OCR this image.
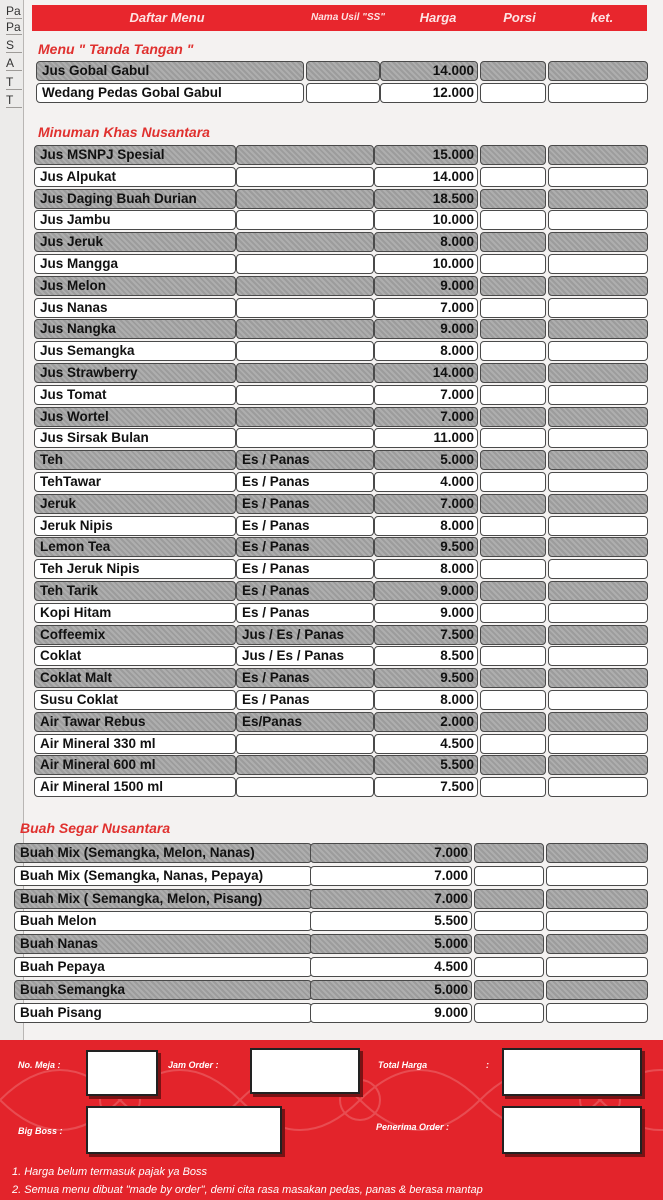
Pa
Pa
S
A
T
T
Daftar Menu	Nama Usil "SS"	Harga	Porsi	ket.
Menu " Tanda Tangan "
Jus Gobal Gabul	14.000
Wedang Pedas Gobal Gabul	12.000
Minuman Khas Nusantara
Jus MSNPJ Spesial	15.000
Jus Alpukat	14.000
Jus Daging Buah Durian	18.500
Jus Jambu	10.000
Jus Jeruk	8.000
Jus Mangga	10.000
Jus Melon	9.000
Jus Nanas	7.000
Jus Nangka	9.000
Jus Semangka	8.000
Jus Strawberry	14.000
Jus Tomat	7.000
Jus Wortel	7.000
Jus Sirsak Bulan	11.000
Teh	Es / Panas	5.000
TehTawar	Es / Panas	4.000
Jeruk	Es / Panas	7.000
Jeruk Nipis	Es / Panas	8.000
Lemon Tea	Es / Panas	9.500
Teh Jeruk Nipis	Es / Panas	8.000
Teh Tarik	Es / Panas	9.000
Kopi Hitam	Es / Panas	9.000
Coffeemix	Jus / Es / Panas	7.500
Coklat	Jus / Es / Panas	8.500
Coklat Malt	Es / Panas	9.500
Susu Coklat	Es / Panas	8.000
Air Tawar Rebus	Es/Panas	2.000
Air Mineral 330 ml	4.500
Air Mineral 600 ml	5.500
Air Mineral 1500 ml	7.500
Buah Segar Nusantara
Buah Mix (Semangka, Melon, Nanas)	7.000
Buah Mix (Semangka, Nanas, Pepaya)	7.000
Buah Mix ( Semangka, Melon, Pisang)	7.000
Buah Melon	5.500
Buah Nanas	5.000
Buah Pepaya	4.500
Buah Semangka	5.000
Buah Pisang	9.000
No. Meja :	Jam Order :	Total Harga	:
Big Boss :	Penerima Order :
1. Harga belum termasuk pajak ya Boss
2. Semua menu dibuat "made by order", demi cita rasa masakan pedas, panas & berasa mantap
